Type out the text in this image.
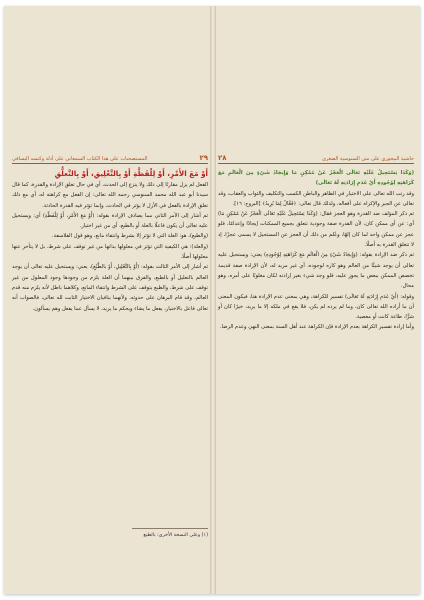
٢٩
المستصحبات على هذا الكتاب السمعاني على أدلة وكنسه اليسافي

أَوْ مَعَ الأَمْرِ، أَوْ لِلْفَظَّةِ أَوْ بِالتَّعْلِيقِ، أَوْ بِالتَّعلُّقِ

الفعل لم يزل مقارنًا إلى ذلك ولا ينزع إلى الحدث، أي في حال تعلق الإرادة والقدرة، كما قال سيدنا أبو عبد الله محمد السنوسي رحمه الله تعالى: إن الفعل مع كراهته له، أي مع ذلك تعلق الإرادة بالفعل في الأزل لا يؤثر في الحادث، وإنما تؤثر فيه القدرة الحادثة.

ثم أشار إلى الأمر الثاني مما يصادف الإرادة بقوله: (أَوْ مَعَ الأَمْرِ، أَوْ لِلْفَظَّةِ) أي: ويستحيل عليه تعالى أن يكون فاعلًا بالعلة أو بالطبع، أي من غير اختيار.

(والطبع)، هو: العلة التي لا تؤثر إلا بشرط وانتفاء مانع، وهو قول الفلاسفة.

(والعلة): هي الكيفية التي تؤثر في معلولها بذاتها من غير توقف على شرط، بل لا يتأخر عنها معلولها أصلًا.

ثم أشار إلى الأمر الثالث بقوله: (أَوْ بِالتَّعْلِيلِ، أَوْ بالطَّبْعِ)، يعني: ويستحيل عليه تعالى أن يوجد العالم بالتعليل أو بالطبع، والفرق بينهما أن العلة يلزم من وجودها وجود المعلول من غير توقف على شرط، والطبع يتوقف على الشرط وانتفاء المانع، وكلاهما باطل لأنه يلزم منه قدم العالم، وقد قام البرهان على حدوثه، ولأنهما ينافيان الاختيار الثابت لله تعالى، فالصواب أنه تعالى فاعل بالاختيار، يفعل ما يشاء ويحكم ما يريد، لا يسأل عما يفعل وهم يسألون.

(١) وعلى النسخة الأخرى: بالطبع
حاشية البيجوري على متن السنوسية الصغرى
٢٨

(وَكَذَا يَسْتَحِيلُ عَلَيْهِ تَعَالَى الْعَجْزُ عَنْ مُمْكِنٍ مَا وَإِيجَادُ شَيْءٍ مِنَ الْعَالَمِ مَعَ كَرَاهَتِهِ لِوُجُودِهِ أَيْ عَدَمِ إِرَادَتِهِ لَهُ تَعَالَى)

وقد رتب الله تعالى على الاختيار في الظاهر والباطن الكسب والتكليف والثواب والعقاب، وقد تعالى عن الجبر والإكراه على أفعاله، ولذلك قال تعالى: ﴿فَعَّالٌ لِمَا يُرِيدُ﴾ [البروج: ١٦].

ثم ذكر المؤلف ضد القدرة وهو العجز فقال: (وَكَذَا يَسْتَحِيلُ عَلَيْهِ تَعَالَى الْعَجْزُ عَنْ مُمْكِنٍ مَا) أي: عن أي ممكن كان، لأن القدرة صفة وجودية تتعلق بجميع الممكنات إيجادًا وإعدامًا، فلو عجز عن ممكن واحد لما كان إلهًا، وعُلم من ذلك أن العجز عن المستحيل لا يسمى عجزًا، إذ لا تتعلق القدرة به أصلًا.

ثم ذكر ضد الإرادة بقوله: (وَإِيجَادُ شَيْءٍ مِنَ الْعَالَمِ مَعَ كَرَاهَتِهِ لِوُجُودِهِ) يعني: ويستحيل عليه تعالى أن يوجد شيئًا من العالم وهو كاره لوجوده، أي غير مريد له، لأن الإرادة صفة قديمة تخصص الممكن ببعض ما يجوز عليه، فلو وجد شيء بغير إرادته لكان مغلوبًا على أمره، وهو محال.

وقوله: (أَيْ عَدَمِ إِرَادَتِهِ لَهُ تَعَالَى) تفسير للكراهة، وهي بمعنى عدم الإرادة هنا، فيكون المعنى أن ما أراده الله تعالى كان، وما لم يرده لم يكن، فلا يقع في ملكه إلا ما يريد، خيرًا كان أو شرًّا، طاعة كانت أو معصية.

وأما إرادة تفسير الكراهة بعدم الإرادة فإن الكراهة عند أهل السنة بمعنى النهي وعدم الرضا.
